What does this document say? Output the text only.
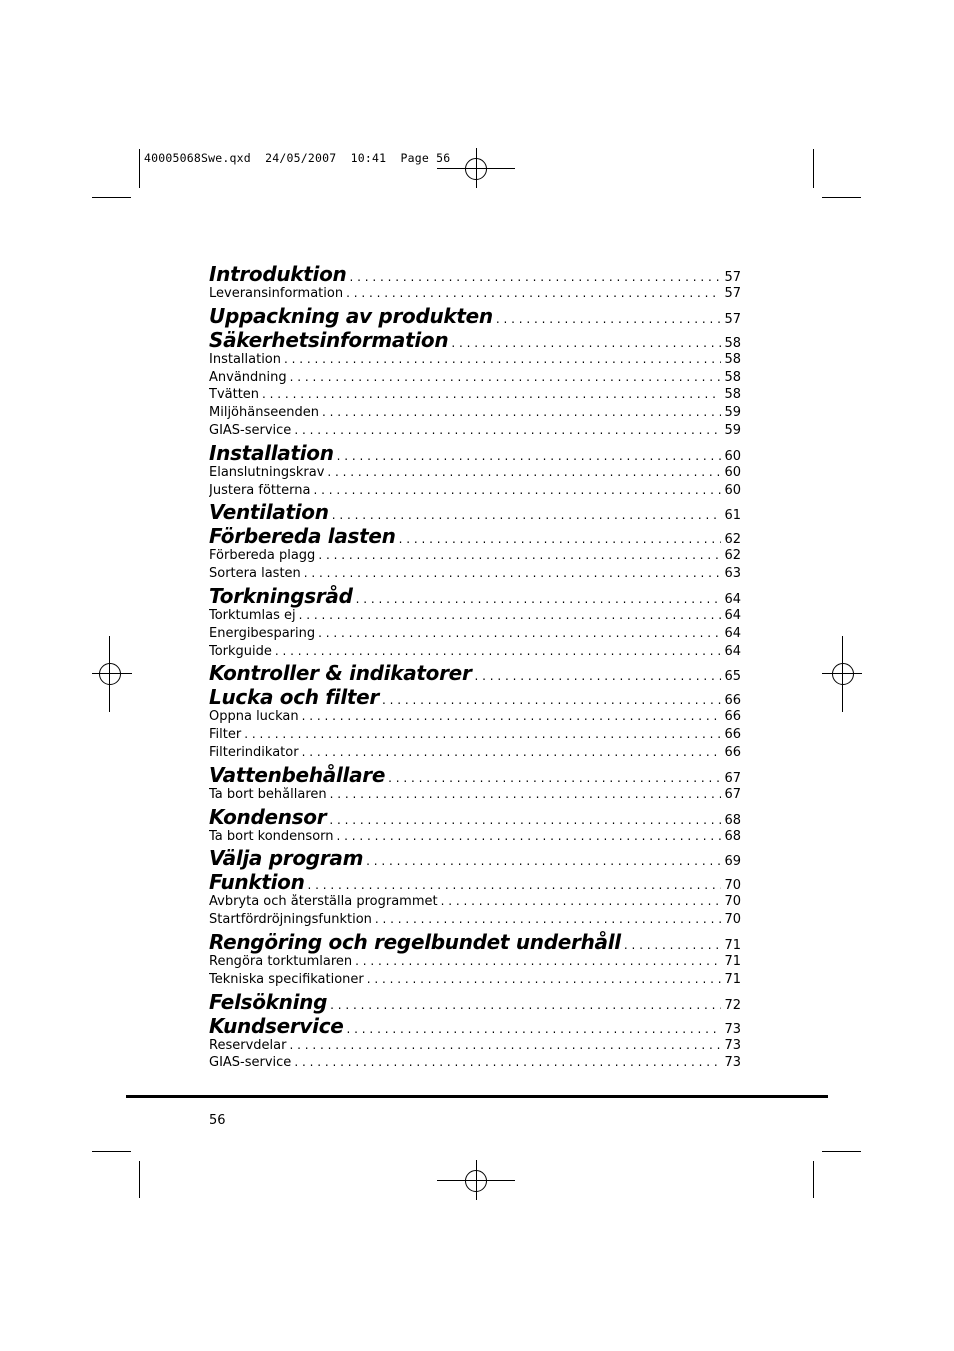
40005068Swe.qxd  24/05/2007  10:41  Page 56
Introduktion . . .	57
Leveransinformation . . .	57
Uppackning av produkten . . .	57
Säkerhetsinformation . . .	58
Installation . . .	58
Användning . . .	58
Tvätten . . .	58
Miljöhänseenden . . .	59
GIAS-service . . .	59
Installation . . .	60
Elanslutningskrav . . .	60
Justera fötterna . . .	60
Ventilation . . .	61
Förbereda lasten . . .	62
Förbereda plagg . . .	62
Sortera lasten . . .	63
Torkningsråd . . .	64
Torktumlas ej . . .	64
Energibesparing . . .	64
Torkguide . . .	64
Kontroller & indikatorer . . .	65
Lucka och filter . . .	66
Öppna luckan . . .	66
Filter . . .	66
Filterindikator . . .	66
Vattenbehållare . . .	67
Ta bort behållaren . . .	67
Kondensor . . .	68
Ta bort kondensorn . . .	68
Välja program . . .	69
Funktion . . .	70
Avbryta och återställa programmet . . .	70
Startfördröjningsfunktion . . .	70
Rengöring och regelbundet underhåll . . .	71
Rengöra torktumlaren . . .	71
Tekniska specifikationer . . .	71
Felsökning . . .	72
Kundservice . . .	73
Reservdelar . . .	73
GIAS-service . . .	73
56
